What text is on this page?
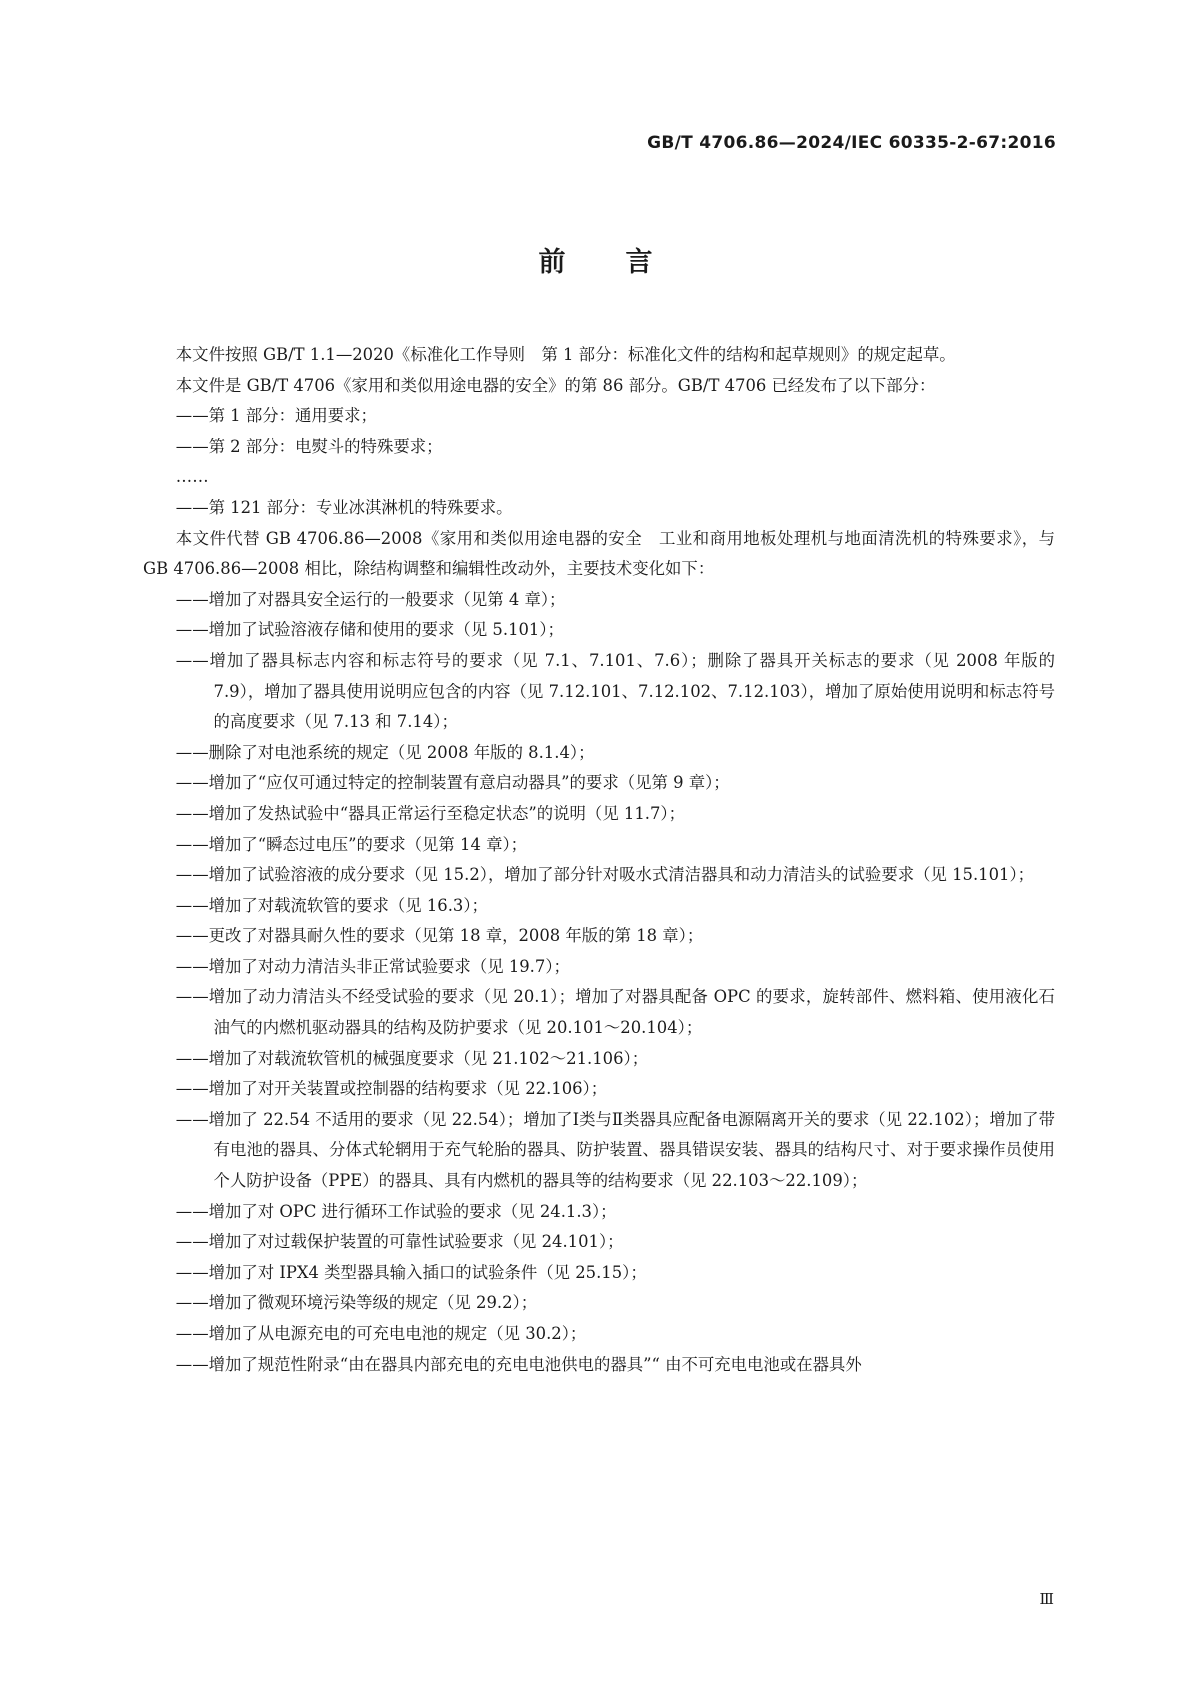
GB/T 4706.86—2024/IEC 60335-2-67:2016
前言

本文件按照 GB/T 1.1—2020《标准化工作导则　第 1 部分：标准化文件的结构和起草规则》的规定起草。

本文件是 GB/T 4706《家用和类似用途电器的安全》的第 86 部分。GB/T 4706 已经发布了以下部分：

——第 1 部分：通用要求；

——第 2 部分：电熨斗的特殊要求；

……

——第 121 部分：专业冰淇淋机的特殊要求。

本文件代替 GB 4706.86—2008《家用和类似用途电器的安全　工业和商用地板处理机与地面清洗机的特殊要求》，与 GB 4706.86—2008 相比，除结构调整和编辑性改动外，主要技术变化如下：

——增加了对器具安全运行的一般要求（见第 4 章）；

——增加了试验溶液存储和使用的要求（见 5.101）；

——增加了器具标志内容和标志符号的要求（见 7.1、7.101、7.6）；删除了器具开关标志的要求（见 2008 年版的 7.9），增加了器具使用说明应包含的内容（见 7.12.101、7.12.102、7.12.103），增加了原始使用说明和标志符号的高度要求（见 7.13 和 7.14）；

——删除了对电池系统的规定（见 2008 年版的 8.1.4）；

——增加了“应仅可通过特定的控制装置有意启动器具”的要求（见第 9 章）；

——增加了发热试验中“器具正常运行至稳定状态”的说明（见 11.7）；

——增加了“瞬态过电压”的要求（见第 14 章）；

——增加了试验溶液的成分要求（见 15.2），增加了部分针对吸水式清洁器具和动力清洁头的试验要求（见 15.101）；

——增加了对载流软管的要求（见 16.3）；

——更改了对器具耐久性的要求（见第 18 章，2008 年版的第 18 章）；

——增加了对动力清洁头非正常试验要求（见 19.7）；

——增加了动力清洁头不经受试验的要求（见 20.1）；增加了对器具配备 OPC 的要求，旋转部件、燃料箱、使用液化石油气的内燃机驱动器具的结构及防护要求（见 20.101～20.104）；

——增加了对载流软管机的械强度要求（见 21.102～21.106）；

——增加了对开关装置或控制器的结构要求（见 22.106）；

——增加了 22.54 不适用的要求（见 22.54）；增加了Ⅰ类与Ⅱ类器具应配备电源隔离开关的要求（见 22.102）；增加了带有电池的器具、分体式轮辋用于充气轮胎的器具、防护装置、器具错误安装、器具的结构尺寸、对于要求操作员使用个人防护设备（PPE）的器具、具有内燃机的器具等的结构要求（见 22.103～22.109）；

——增加了对 OPC 进行循环工作试验的要求（见 24.1.3）；

——增加了对过载保护装置的可靠性试验要求（见 24.101）；

——增加了对 IPX4 类型器具输入插口的试验条件（见 25.15）；

——增加了微观环境污染等级的规定（见 29.2）；

——增加了从电源充电的可充电电池的规定（见 30.2）；

——增加了规范性附录“由在器具内部充电的充电电池供电的器具”“ 由不可充电电池或在器具外

Ⅲ
